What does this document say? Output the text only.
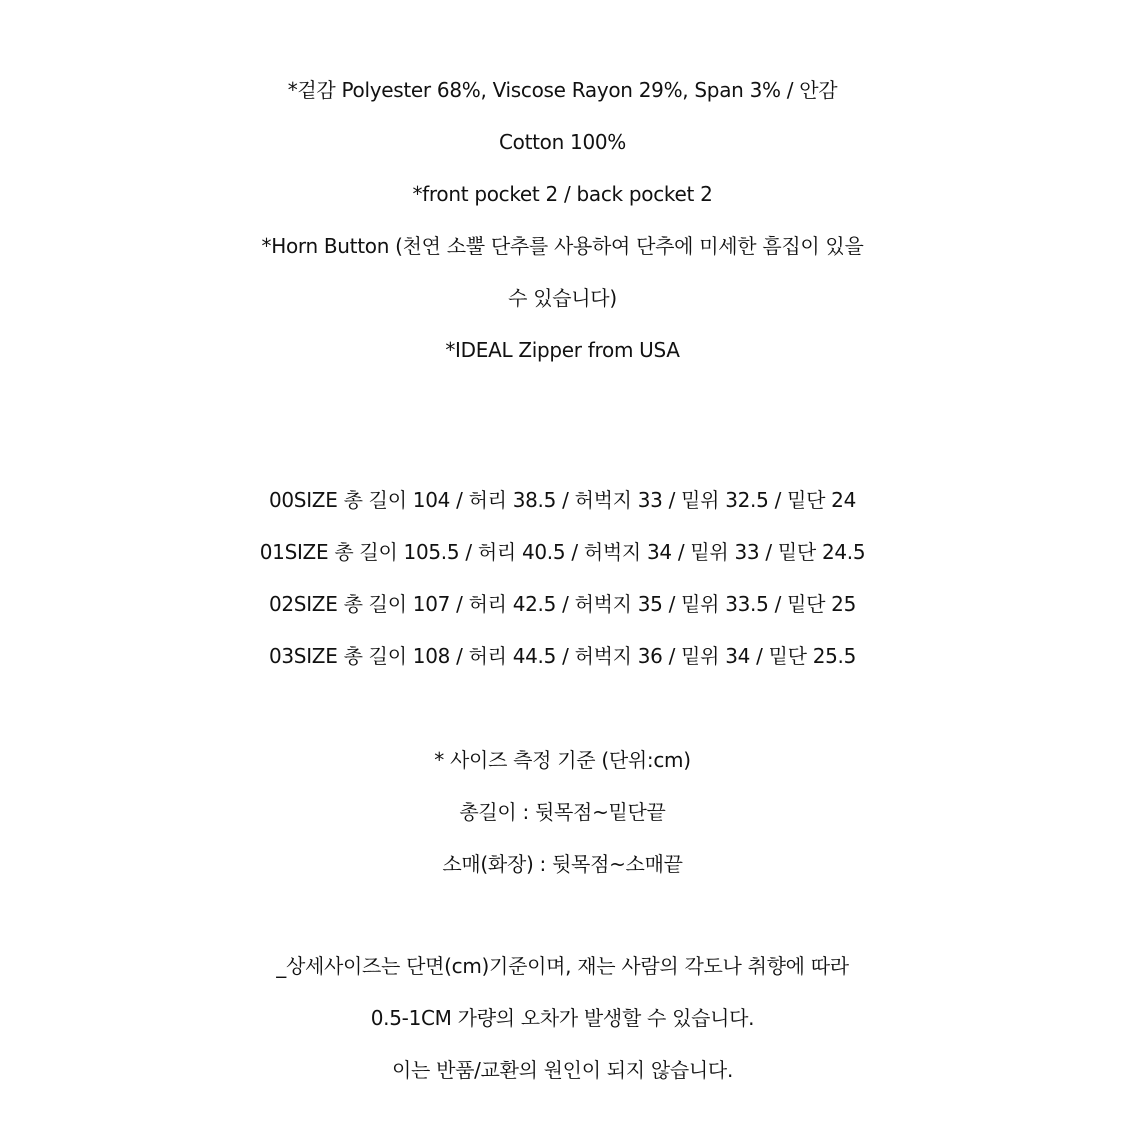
*겉감 Polyester 68%, Viscose Rayon 29%, Span 3% / 안감
Cotton 100%
*front pocket 2 / back pocket 2
*Horn Button (천연 소뿔 단추를 사용하여 단추에 미세한 흠집이 있을
수 있습니다)
*IDEAL Zipper from USA
00SIZE 총 길이 104 / 허리 38.5 / 허벅지 33 / 밑위 32.5 / 밑단 24
01SIZE 총 길이 105.5 / 허리 40.5 / 허벅지 34 / 밑위 33 / 밑단 24.5
02SIZE 총 길이 107 / 허리 42.5 / 허벅지 35 / 밑위 33.5 / 밑단 25
03SIZE 총 길이 108 / 허리 44.5 / 허벅지 36 / 밑위 34 / 밑단 25.5
* 사이즈 측정 기준 (단위:cm)
총길이 : 뒷목점~밑단끝
소매(화장) : 뒷목점~소매끝
_상세사이즈는 단면(cm)기준이며, 재는 사람의 각도나 취향에 따라
0.5-1CM 가량의 오차가 발생할 수 있습니다.
이는 반품/교환의 원인이 되지 않습니다.
